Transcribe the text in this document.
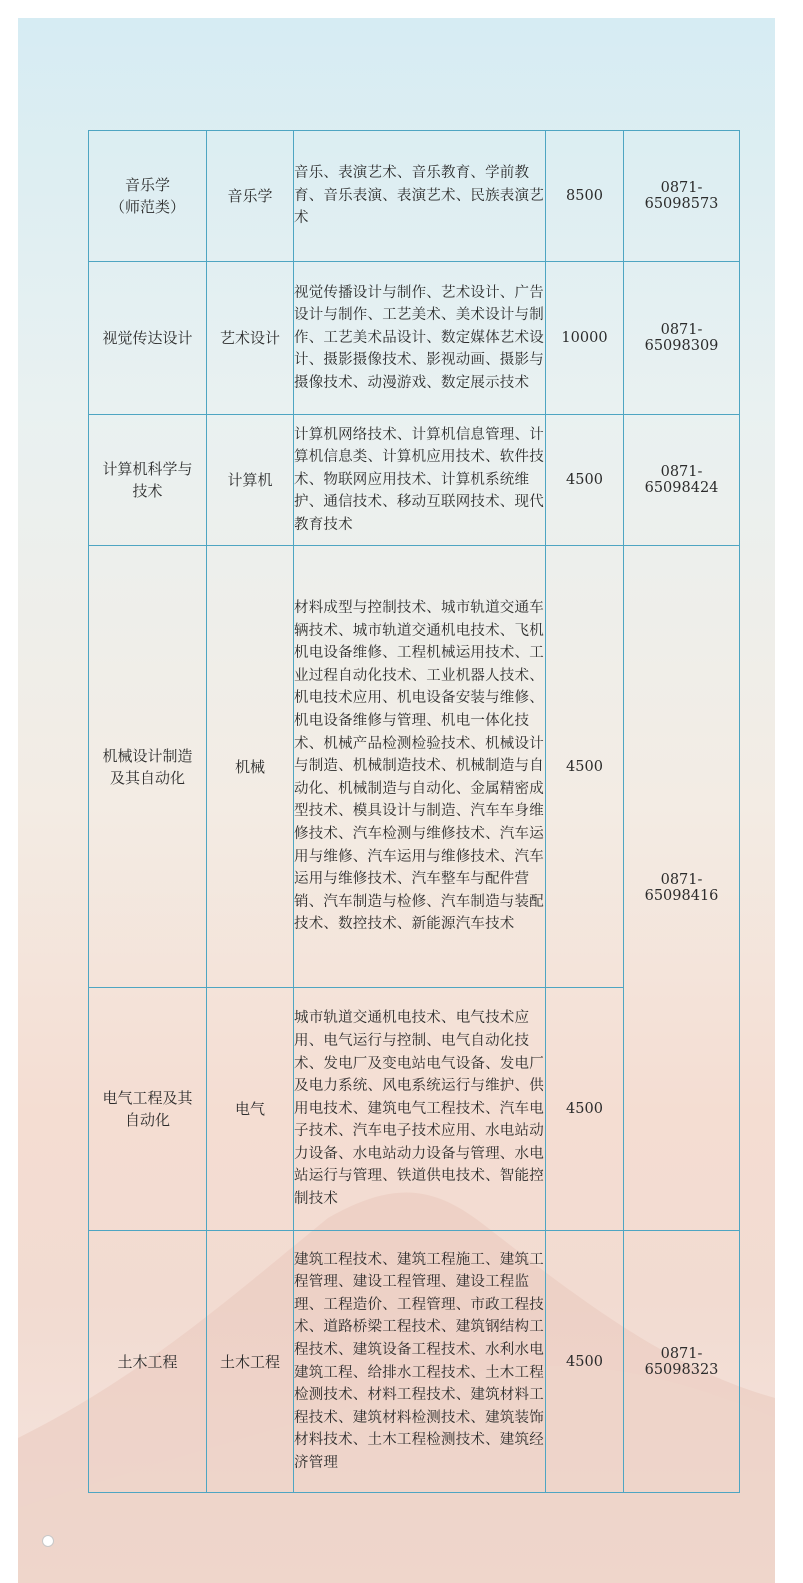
音乐学
（师范类）	音乐学	音乐、表演艺术、音乐教育、学前教育、音乐表演、表演艺术、民族表演艺术	8500	0871-65098573

视觉传达设计	艺术设计	视觉传播设计与制作、艺术设计、广告设计与制作、工艺美术、美术设计与制作、工艺美术品设计、数定媒体艺术设计、摄影摄像技术、影视动画、摄影与摄像技术、动漫游戏、数定展示技术	10000	0871-65098309

计算机科学与
技术	计算机	计算机网络技术、计算机信息管理、计算机信息类、计算机应用技术、软件技术、物联网应用技术、计算机系统维护、通信技术、移动互联网技术、现代教育技术	4500	0871-65098424

机械设计制造
及其自动化	机械	材料成型与控制技术、城市轨道交通车辆技术、城市轨道交通机电技术、飞机机电设备维修、工程机械运用技术、工业过程自动化技术、工业机器人技术、机电技术应用、机电设备安装与维修、机电设备维修与管理、机电一体化技术、机械产品检测检验技术、机械设计与制造、机械制造技术、机械制造与自动化、机械制造与自动化、金属精密成型技术、模具设计与制造、汽车车身维修技术、汽车检测与维修技术、汽车运用与维修、汽车运用与维修技术、汽车运用与维修技术、汽车整车与配件营销、汽车制造与检修、汽车制造与装配技术、数控技术、新能源汽车技术	4500	0871-65098416

电气工程及其
自动化	电气	城市轨道交通机电技术、电气技术应用、电气运行与控制、电气自动化技术、发电厂及变电站电气设备、发电厂及电力系统、风电系统运行与维护、供用电技术、建筑电气工程技术、汽车电子技术、汽车电子技术应用、水电站动力设备、水电站动力设备与管理、水电站运行与管理、铁道供电技术、智能控制技术	4500	

土木工程	土木工程	建筑工程技术、建筑工程施工、建筑工程管理、建设工程管理、建设工程监理、工程造价、工程管理、市政工程技术、道路桥梁工程技术、建筑钢结构工程技术、建筑设备工程技术、水利水电建筑工程、给排水工程技术、土木工程检测技术、材料工程技术、建筑材料工程技术、建筑材料检测技术、建筑装饰材料技术、土木工程检测技术、建筑经济管理	4500	0871-65098323
